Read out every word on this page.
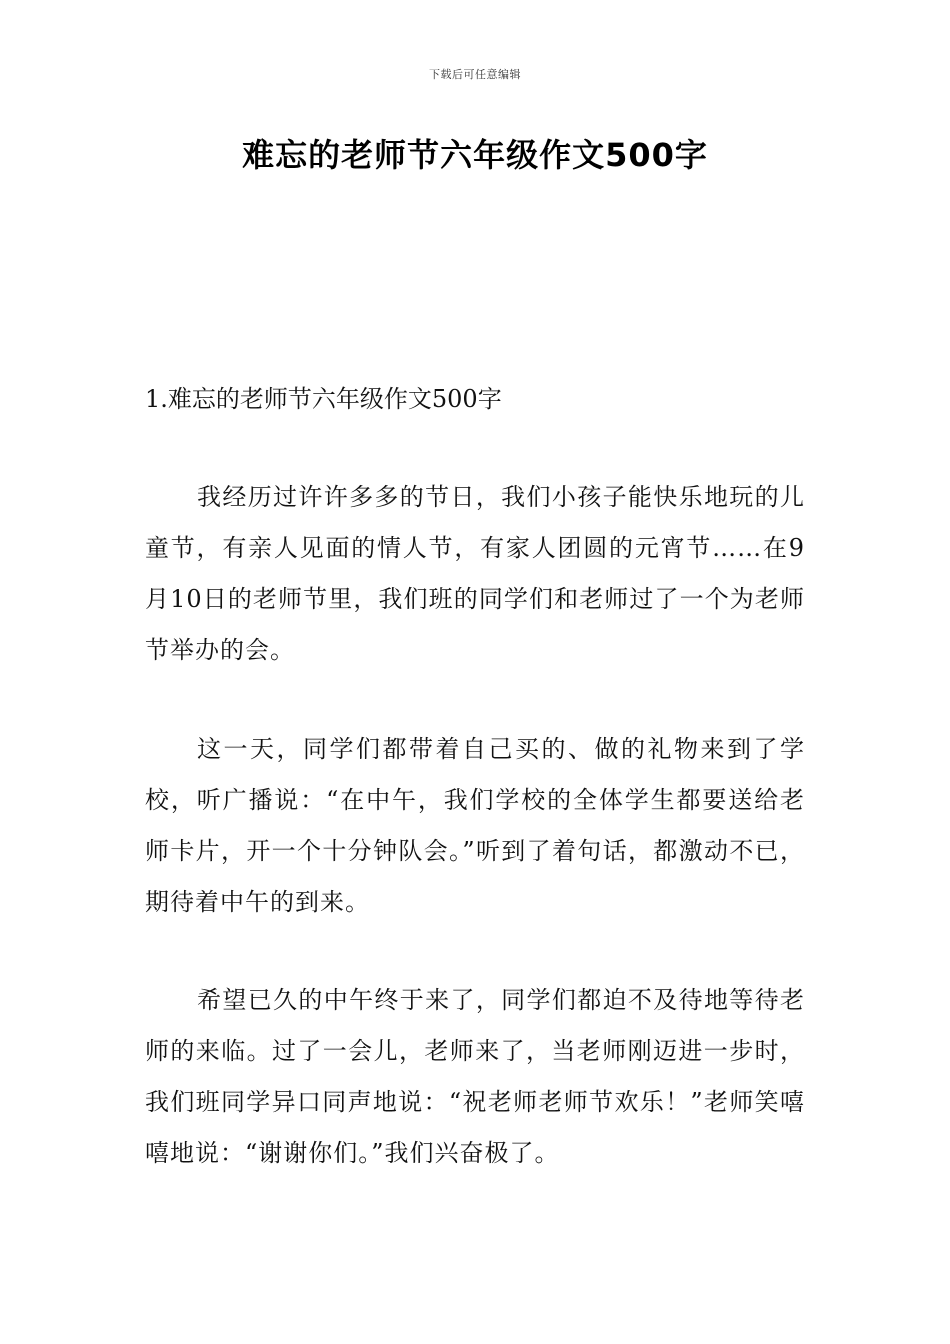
下载后可任意编辑
难忘的老师节六年级作文500字
1.难忘的老师节六年级作文500字
我经历过许许多多的节日，我们小孩子能快乐地玩的儿童节，有亲人见面的情人节，有家人团圆的元宵节……在9月10日的老师节里，我们班的同学们和老师过了一个为老师节举办的会。
这一天，同学们都带着自己买的、做的礼物来到了学校，听广播说：“在中午，我们学校的全体学生都要送给老师卡片，开一个十分钟队会。”听到了着句话，都激动不已，期待着中午的到来。
希望已久的中午终于来了，同学们都迫不及待地等待老师的来临。过了一会儿，老师来了，当老师刚迈进一步时，我们班同学异口同声地说：“祝老师老师节欢乐！”老师笑嘻嘻地说：“谢谢你们。”我们兴奋极了。
